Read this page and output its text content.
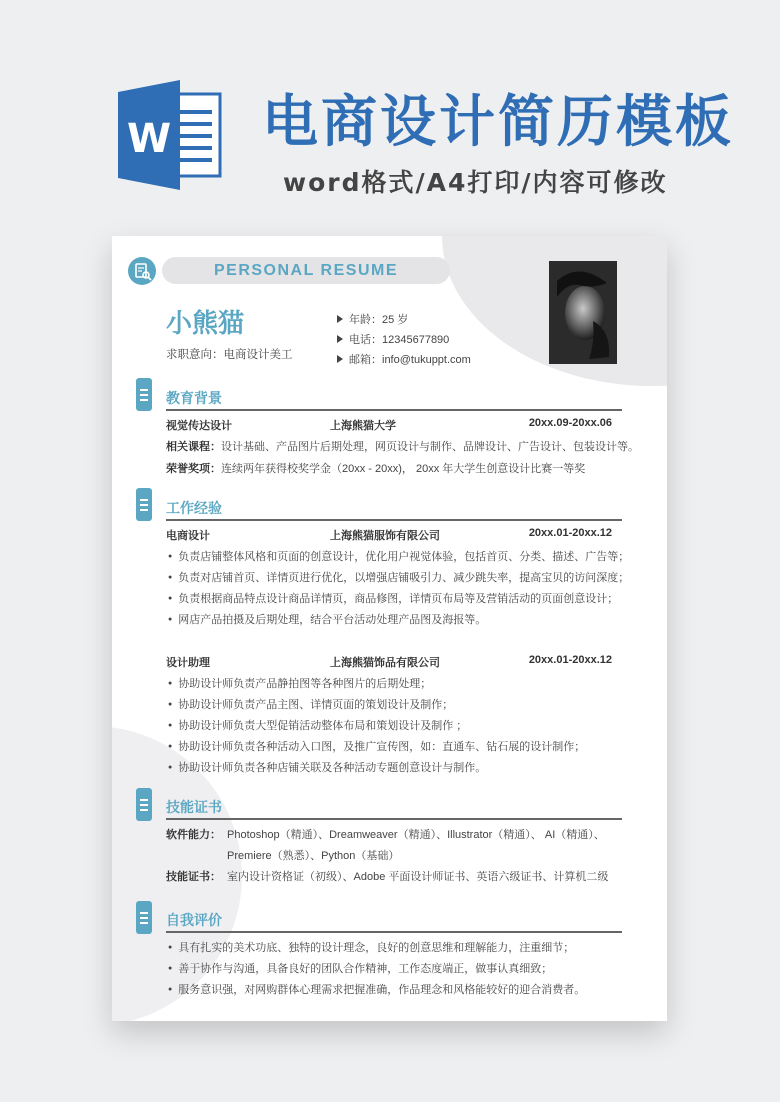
W 电商设计简历模板
word格式/A4打印/内容可修改
PERSONAL RESUME
小熊猫
求职意向：电商设计美工
年龄：25 岁
电话：12345677890
邮箱：info@tukuppt.com
教育背景
视觉传达设计	上海熊猫大学	20xx.09-20xx.06
相关课程：设计基础、产品图片后期处理，网页设计与制作、品牌设计、广告设计、包装设计等。
荣誉奖项：连续两年获得校奖学金（20xx - 20xx)， 20xx 年大学生创意设计比赛一等奖
工作经验
电商设计	上海熊猫服饰有限公司	20xx.01-20xx.12
● 负责店铺整体风格和页面的创意设计，优化用户视觉体验，包括首页、分类、描述、广告等；
● 负责对店铺首页、详情页进行优化，以增强店铺吸引力、减少跳失率，提高宝贝的访问深度；
● 负责根据商品特点设计商品详情页，商品修图，详情页布局等及营销活动的页面创意设计；
● 网店产品拍摄及后期处理，结合平台活动处理产品图及海报等。
设计助理	上海熊猫饰品有限公司	20xx.01-20xx.12
● 协助设计师负责产品静拍图等各种图片的后期处理；
● 协助设计师负责产品主图、详情页面的策划设计及制作；
● 协助设计师负责大型促销活动整体布局和策划设计及制作 ；
● 协助设计师负责各种活动入口图，及推广宣传图，如：直通车、钻石展的设计制作；
● 协助设计师负责各种店铺关联及各种活动专题创意设计与制作。
技能证书
软件能力： Photoshop（精通）、Dreamweaver（精通）、Illustrator（精通）、 AI（精通）、
Premiere（熟悉）、Python（基础）
技能证书： 室内设计资格证（初级）、Adobe 平面设计师证书、英语六级证书、计算机二级
自我评价
● 具有扎实的美术功底、独特的设计理念，良好的创意思维和理解能力，注重细节；
● 善于协作与沟通，具备良好的团队合作精神，工作态度端正，做事认真细致；
● 服务意识强，对网购群体心理需求把握准确，作品理念和风格能较好的迎合消费者。
